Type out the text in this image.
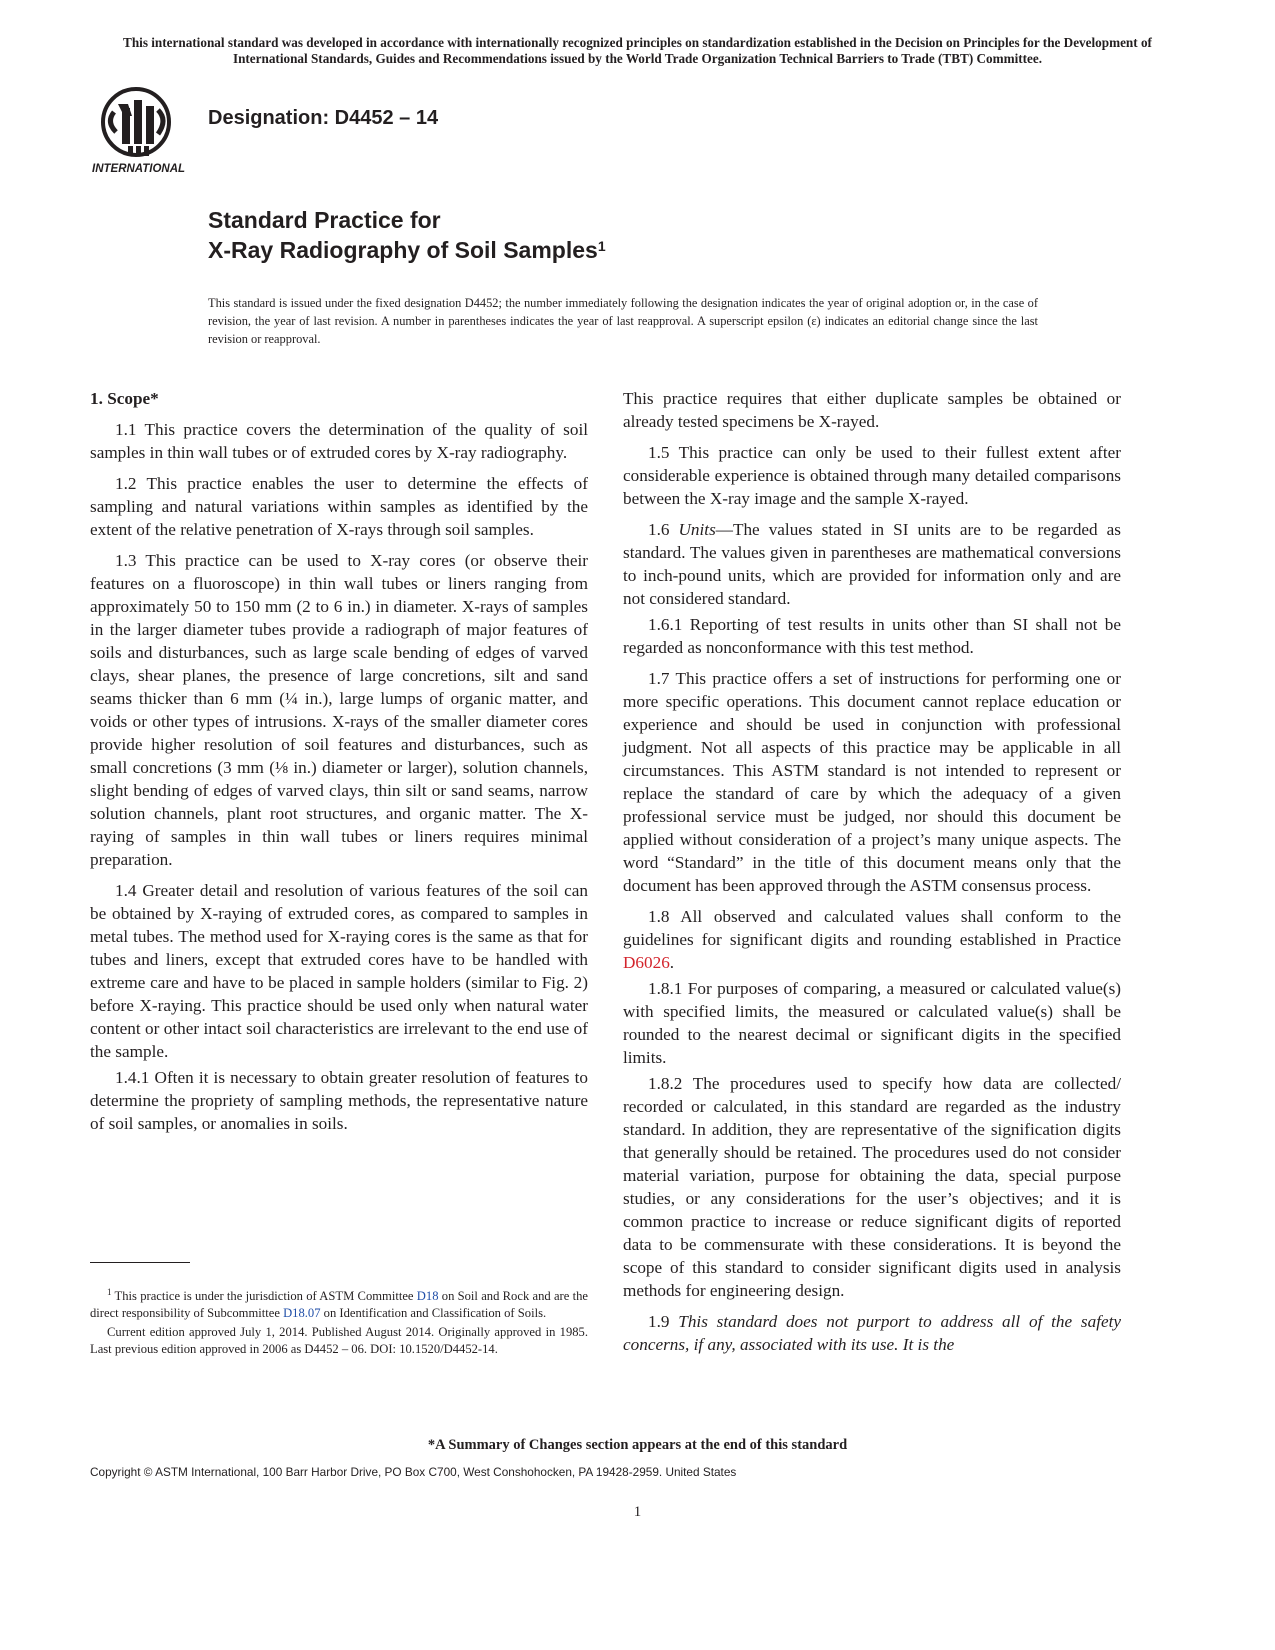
This international standard was developed in accordance with internationally recognized principles on standardization established in the Decision on Principles for the Development of International Standards, Guides and Recommendations issued by the World Trade Organization Technical Barriers to Trade (TBT) Committee.
INTERNATIONAL
Designation: D4452 – 14
Standard Practice for
X-Ray Radiography of Soil Samples$^1$
This standard is issued under the fixed designation D4452; the number immediately following the designation indicates the year of original adoption or, in the case of revision, the year of last revision. A number in parentheses indicates the year of last reapproval. A superscript epsilon (ε) indicates an editorial change since the last revision or reapproval.
1. Scope*

1.1 This practice covers the determination of the quality of soil samples in thin wall tubes or of extruded cores by X-ray radiography.

1.2 This practice enables the user to determine the effects of sampling and natural variations within samples as identified by the extent of the relative penetration of X-rays through soil samples.

1.3 This practice can be used to X-ray cores (or observe their features on a fluoroscope) in thin wall tubes or liners ranging from approximately 50 to 150 mm (2 to 6 in.) in diameter. X-rays of samples in the larger diameter tubes provide a radiograph of major features of soils and disturbances, such as large scale bending of edges of varved clays, shear planes, the presence of large concretions, silt and sand seams thicker than 6 mm (¼ in.), large lumps of organic matter, and voids or other types of intrusions. X-rays of the smaller diameter cores provide higher resolution of soil features and disturbances, such as small concretions (3 mm (⅛ in.) diameter or larger), solution channels, slight bending of edges of varved clays, thin silt or sand seams, narrow solution channels, plant root structures, and organic matter. The X-raying of samples in thin wall tubes or liners requires minimal preparation.

1.4 Greater detail and resolution of various features of the soil can be obtained by X-raying of extruded cores, as compared to samples in metal tubes. The method used for X-raying cores is the same as that for tubes and liners, except that extruded cores have to be handled with extreme care and have to be placed in sample holders (similar to Fig. 2) before X-raying. This practice should be used only when natural water content or other intact soil characteristics are irrelevant to the end use of the sample.

1.4.1 Often it is necessary to obtain greater resolution of features to determine the propriety of sampling methods, the representative nature of soil samples, or anomalies in soils.

This practice requires that either duplicate samples be obtained or already tested specimens be X-rayed.

1.5 This practice can only be used to their fullest extent after considerable experience is obtained through many detailed comparisons between the X-ray image and the sample X-rayed.

1.6 Units—The values stated in SI units are to be regarded as standard. The values given in parentheses are mathematical conversions to inch-pound units, which are provided for information only and are not considered standard.

1.6.1 Reporting of test results in units other than SI shall not be regarded as nonconformance with this test method.

1.7 This practice offers a set of instructions for performing one or more specific operations. This document cannot replace education or experience and should be used in conjunction with professional judgment. Not all aspects of this practice may be applicable in all circumstances. This ASTM standard is not intended to represent or replace the standard of care by which the adequacy of a given professional service must be judged, nor should this document be applied without consideration of a project’s many unique aspects. The word “Standard” in the title of this document means only that the document has been approved through the ASTM consensus process.

1.8 All observed and calculated values shall conform to the guidelines for significant digits and rounding established in Practice D6026.

1.8.1 For purposes of comparing, a measured or calculated value(s) with specified limits, the measured or calculated value(s) shall be rounded to the nearest decimal or significant digits in the specified limits.

1.8.2 The procedures used to specify how data are collected/ recorded or calculated, in this standard are regarded as the industry standard. In addition, they are representative of the signification digits that generally should be retained. The procedures used do not consider material variation, purpose for obtaining the data, special purpose studies, or any considerations for the user’s objectives; and it is common practice to increase or reduce significant digits of reported data to be commensurate with these considerations. It is beyond the scope of this standard to consider significant digits used in analysis methods for engineering design.

1.9 This standard does not purport to address all of the safety concerns, if any, associated with its use. It is the

$^1$ This practice is under the jurisdiction of ASTM Committee D18 on Soil and Rock and are the direct responsibility of Subcommittee D18.07 on Identification and Classification of Soils.

Current edition approved July 1, 2014. Published August 2014. Originally approved in 1985. Last previous edition approved in 2006 as D4452 – 06. DOI: 10.1520/D4452-14.

*A Summary of Changes section appears at the end of this standard
Copyright © ASTM International, 100 Barr Harbor Drive, PO Box C700, West Conshohocken, PA 19428-2959. United States
1
